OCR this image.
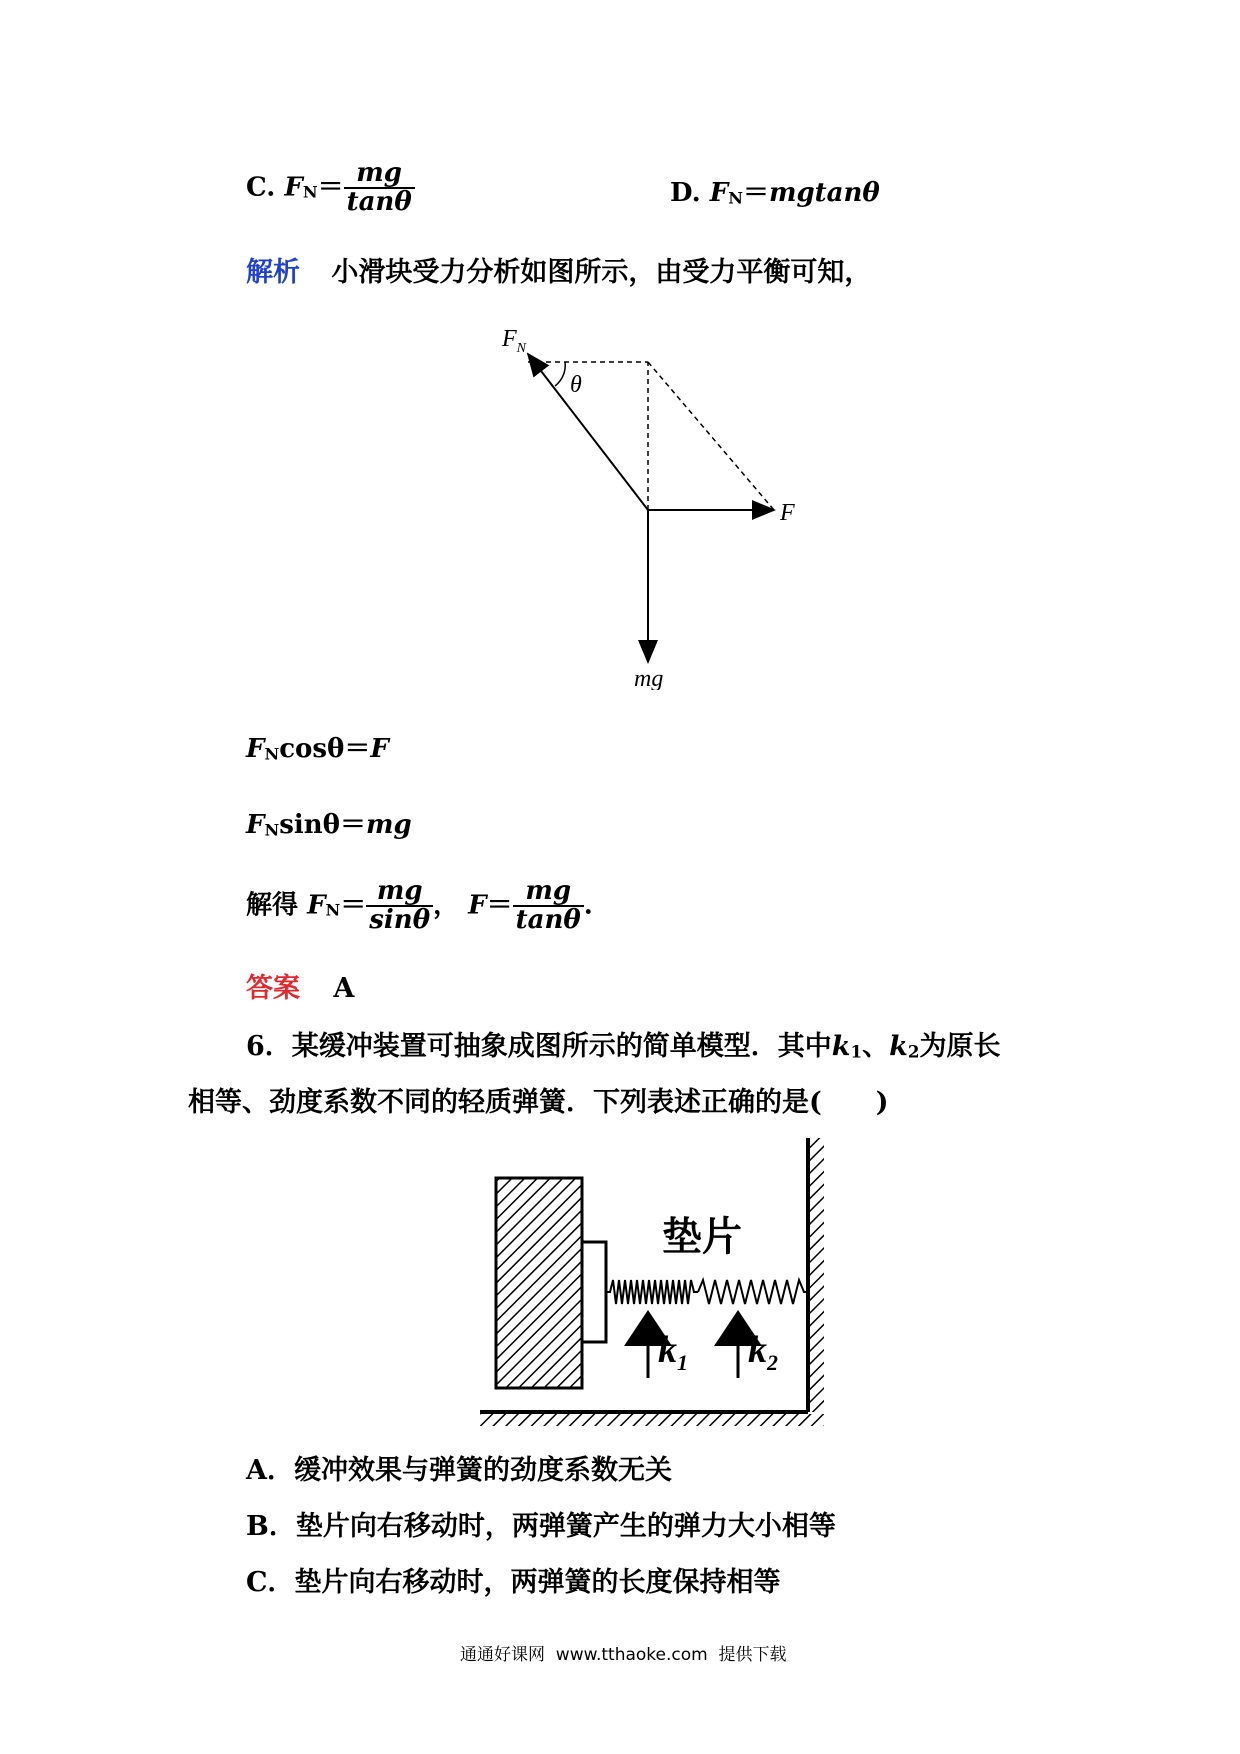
C. $FN= \frac{mg}{\tan\theta}$	D. FN＝mgtanθ
解析 小滑块受力分析如图所示，由受力平衡可知，
$F_N$
θ
F
mg
FNcosθ＝F
FNsinθ＝mg
解得 $FN= \frac{mg}{\sin\theta}$ ， $F= \frac{mg}{\tan\theta}$ .
答案 A
6．某缓冲装置可抽象成图所示的简单模型．其中k1、k2为原长
相等、劲度系数不同的轻质弹簧．下列表述正确的是(　　)
垫片
$k_1$ $k_2$
A．缓冲效果与弹簧的劲度系数无关
B．垫片向右移动时，两弹簧产生的弹力大小相等
C．垫片向右移动时，两弹簧的长度保持相等
通通好课网  www.tthaoke.com  提供下载
